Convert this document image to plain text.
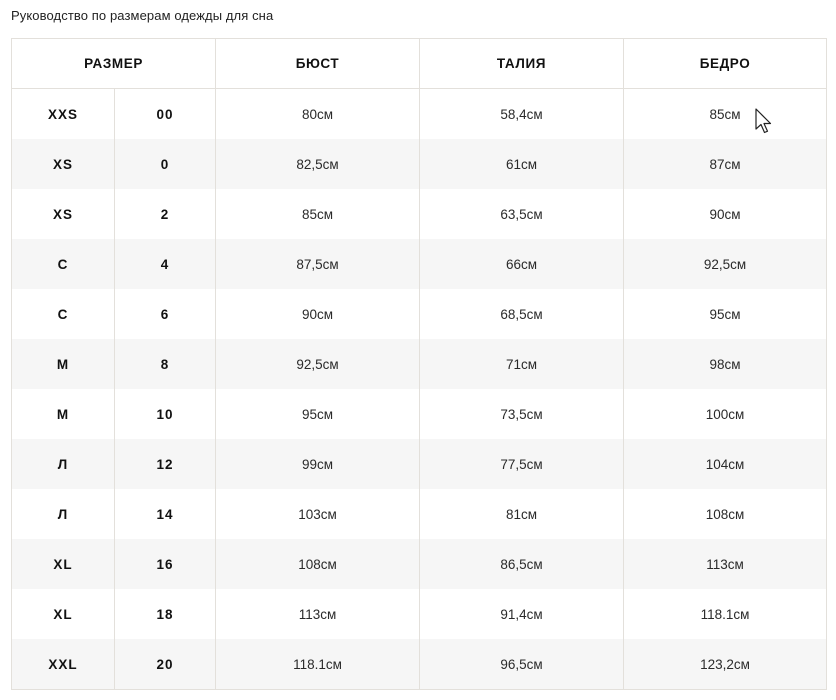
Руководство по размерам одежды для сна
РАЗМЕР		БЮСТ	ТАЛИЯ	БЕДРО
XXS	00	80см	58,4см	85см
XS	0	82,5см	61см	87см
XS	2	85см	63,5см	90см
С	4	87,5см	66см	92,5см
С	6	90см	68,5см	95см
М	8	92,5см	71см	98см
М	10	95см	73,5см	100см
Л	12	99см	77,5см	104см
Л	14	103см	81см	108см
XL	16	108см	86,5см	113см
XL	18	113см	91,4см	118.1см
XXL	20	118.1см	96,5см	123,2см
